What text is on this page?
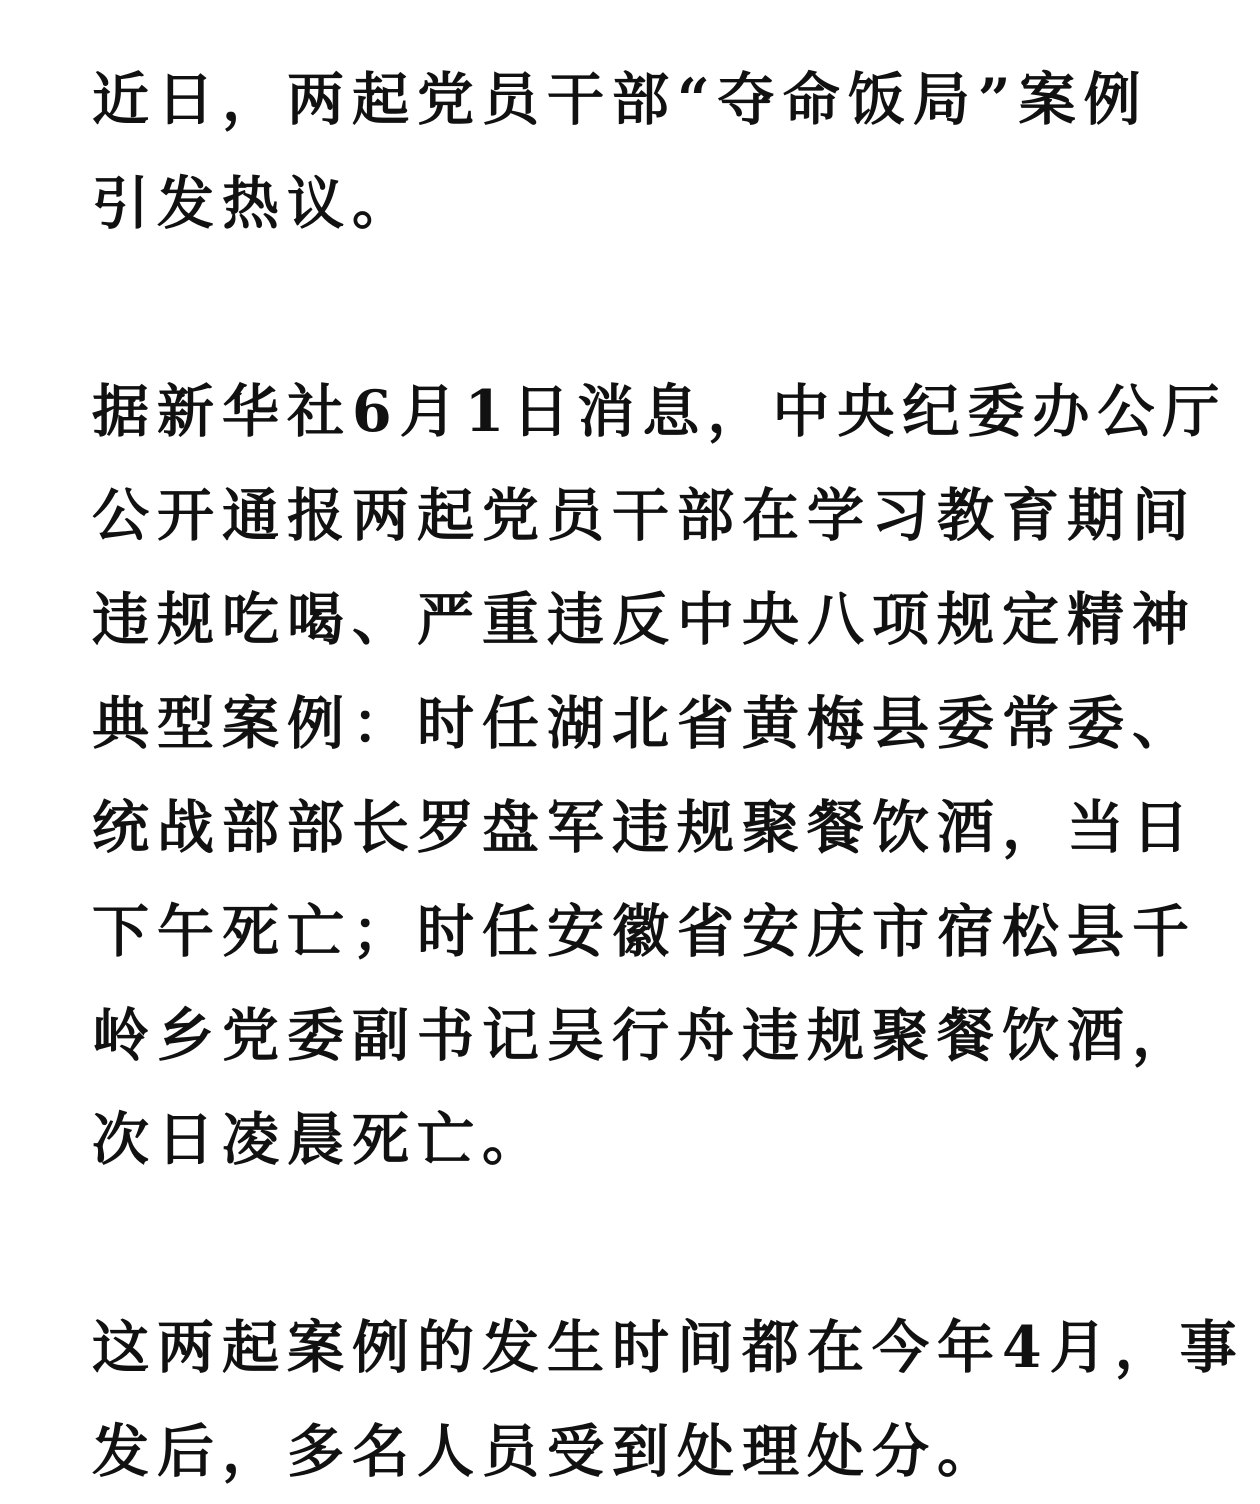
近日，两起党员干部“夺命饭局”案例
引发热议。
据新华社6月1日消息，中央纪委办公厅
公开通报两起党员干部在学习教育期间
违规吃喝、严重违反中央八项规定精神
典型案例：时任湖北省黄梅县委常委、
统战部部长罗盘军违规聚餐饮酒，当日
下午死亡；时任安徽省安庆市宿松县千
岭乡党委副书记吴行舟违规聚餐饮酒，
次日凌晨死亡。
这两起案例的发生时间都在今年4月，事
发后，多名人员受到处理处分。
